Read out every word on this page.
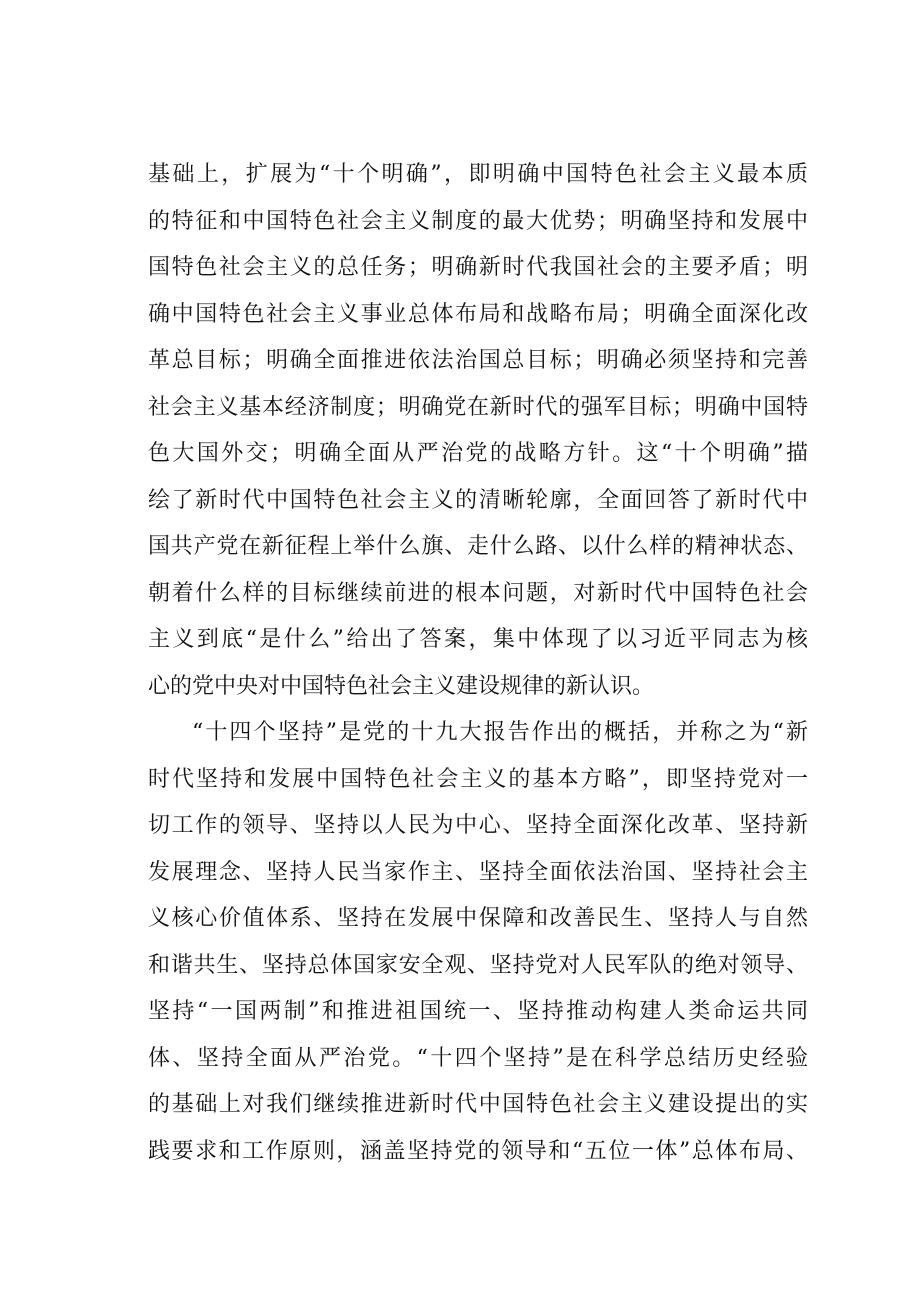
基础上，扩展为“十个明确”，即明确中国特色社会主义最本质
的特征和中国特色社会主义制度的最大优势；明确坚持和发展中
国特色社会主义的总任务；明确新时代我国社会的主要矛盾；明
确中国特色社会主义事业总体布局和战略布局；明确全面深化改
革总目标；明确全面推进依法治国总目标；明确必须坚持和完善
社会主义基本经济制度；明确党在新时代的强军目标；明确中国特
色大国外交；明确全面从严治党的战略方针。这“十个明确”描
绘了新时代中国特色社会主义的清晰轮廓，全面回答了新时代中
国共产党在新征程上举什么旗、走什么路、以什么样的精神状态、
朝着什么样的目标继续前进的根本问题，对新时代中国特色社会
主义到底“是什么”给出了答案，集中体现了以习近平同志为核
心的党中央对中国特色社会主义建设规律的新认识。
“十四个坚持”是党的十九大报告作出的概括，并称之为“新
时代坚持和发展中国特色社会主义的基本方略”，即坚持党对一
切工作的领导、坚持以人民为中心、坚持全面深化改革、坚持新
发展理念、坚持人民当家作主、坚持全面依法治国、坚持社会主
义核心价值体系、坚持在发展中保障和改善民生、坚持人与自然
和谐共生、坚持总体国家安全观、坚持党对人民军队的绝对领导、
坚持“一国两制”和推进祖国统一、坚持推动构建人类命运共同
体、坚持全面从严治党。“十四个坚持”是在科学总结历史经验
的基础上对我们继续推进新时代中国特色社会主义建设提出的实
践要求和工作原则，涵盖坚持党的领导和“五位一体”总体布局、
